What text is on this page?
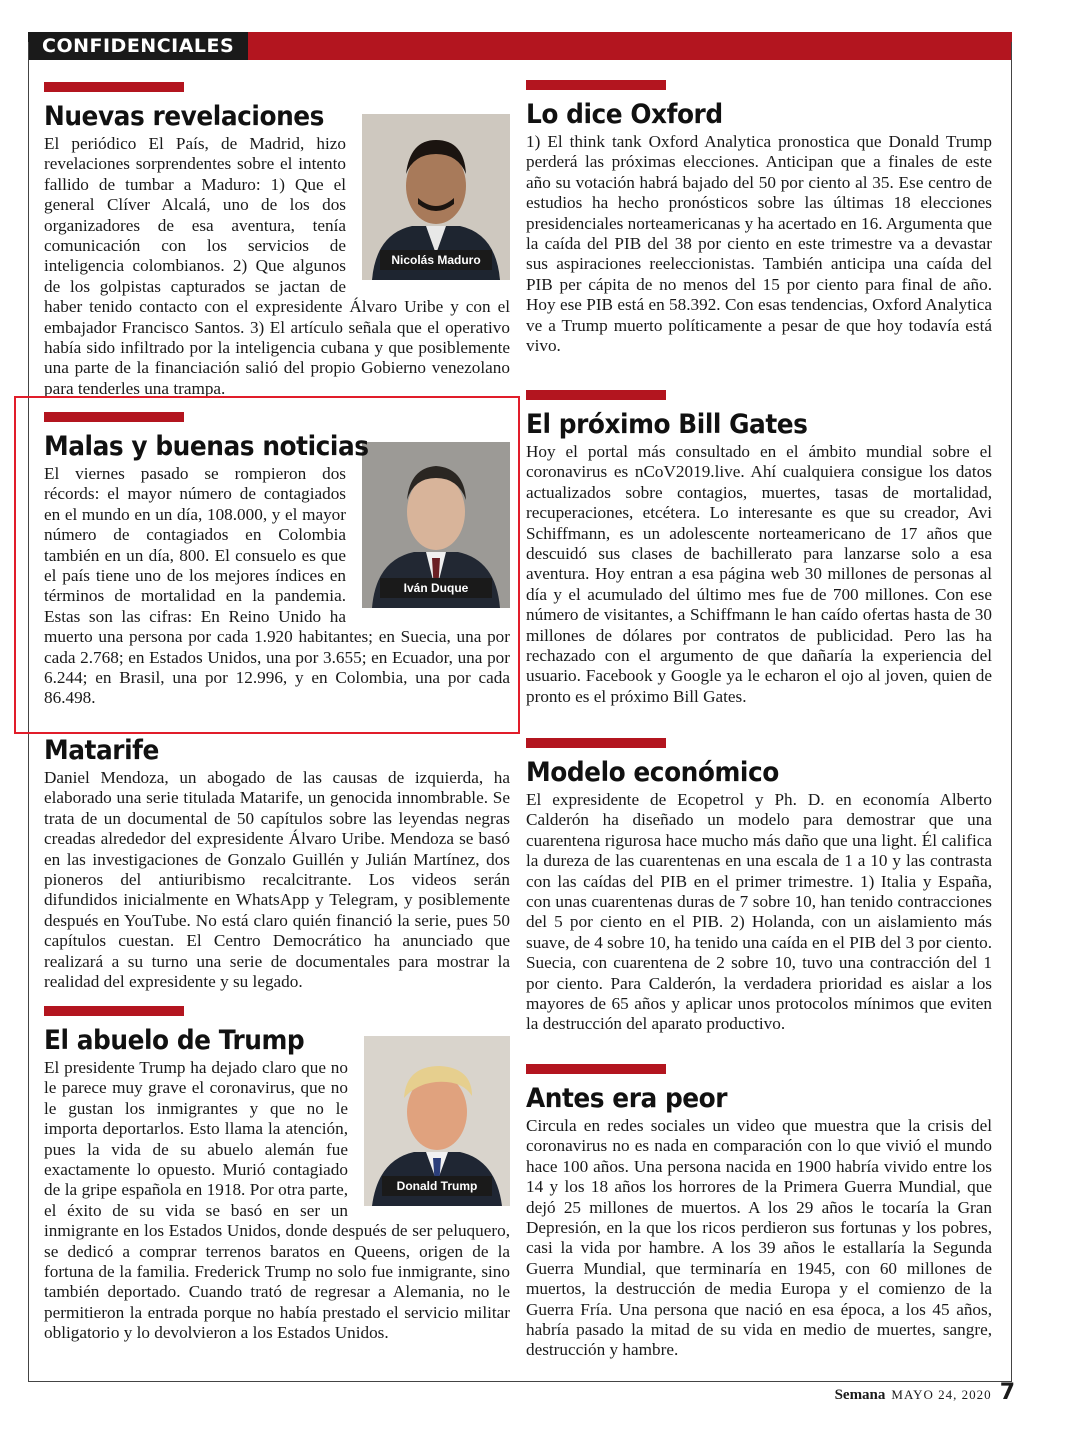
CONFIDENCIALES
Nicolás Maduro
Nuevas revelaciones

El periódico El País, de Madrid, hizo revelaciones sorprendentes sobre el intento fallido de tumbar a Maduro: 1) Que el general Clíver Alcalá, uno de los dos organizadores de esa aventura, tenía comunicación con los servicios de inteligencia colombianos. 2) Que algunos de los golpistas capturados se jactan de haber tenido contacto con el expresidente Álvaro Uribe y con el embajador Francisco Santos. 3) El artículo señala que el operativo había sido infiltrado por la inteligencia cubana y que posiblemente una parte de la financiación salió del propio Gobierno venezolano para tenderles una trampa.

Iván Duque
Malas y buenas noticias

El viernes pasado se rompieron dos récords: el mayor número de contagiados en el mundo en un día, 108.000, y el mayor número de contagiados en Colombia también en un día, 800. El consuelo es que el país tiene uno de los mejores índices en términos de mortalidad en la pandemia. Estas son las cifras: En Reino Unido ha muerto una persona por cada 1.920 habitantes; en Suecia, una por cada 2.768; en Estados Unidos, una por 3.655; en Ecuador, una por 6.244; en Brasil, una por 12.996, y en Colombia, una por cada 86.498.

Matarife

Daniel Mendoza, un abogado de las causas de izquierda, ha elaborado una serie titulada Matarife, un genocida innombrable. Se trata de un documental de 50 capítulos sobre las leyendas negras creadas alrededor del expresidente Álvaro Uribe. Mendoza se basó en las investigaciones de Gonzalo Guillén y Julián Martínez, dos pioneros del antiuribismo recalcitrante. Los videos serán difundidos inicialmente en WhatsApp y Telegram, y posiblemente después en YouTube. No está claro quién financió la serie, pues 50 capítulos cuestan. El Centro Democrático ha anunciado que realizará a su turno una serie de documentales para mostrar la realidad del expresidente y su legado.

Donald Trump
El abuelo de Trump

El presidente Trump ha dejado claro que no le parece muy grave el coronavirus, que no le gustan los inmigrantes y que no le importa deportarlos. Esto llama la atención, pues la vida de su abuelo alemán fue exactamente lo opuesto. Murió contagiado de la gripe española en 1918. Por otra parte, el éxito de su vida se basó en ser un inmigrante en los Estados Unidos, donde después de ser peluquero, se dedicó a comprar terrenos baratos en Queens, origen de la fortuna de la familia. Frederick Trump no solo fue inmigrante, sino también deportado. Cuando trató de regresar a Alemania, no le permitieron la entrada porque no había prestado el servicio militar obligatorio y lo devolvieron a los Estados Unidos.

Lo dice Oxford

1) El think tank Oxford Analytica pronostica que Donald Trump perderá las próximas elecciones. Anticipan que a finales de este año su votación habrá bajado del 50 por ciento al 35. Ese centro de estudios ha hecho pronósticos sobre las últimas 18 elecciones presidenciales norteamericanas y ha acertado en 16. Argumenta que la caída del PIB del 38 por ciento en este trimestre va a devastar sus aspiraciones reeleccionistas. También anticipa una caída del PIB per cápita de no menos del 15 por ciento para final de año. Hoy ese PIB está en 58.392. Con esas tendencias, Oxford Analytica ve a Trump muerto políticamente a pesar de que hoy todavía está vivo.

El próximo Bill Gates

Hoy el portal más consultado en el ámbito mundial sobre el coronavirus es nCoV2019.live. Ahí cualquiera consigue los datos actualizados sobre contagios, muertes, tasas de mortalidad, recuperaciones, etcétera. Lo interesante es que su creador, Avi Schiffmann, es un adolescente norteamericano de 17 años que descuidó sus clases de bachillerato para lanzarse solo a esa aventura. Hoy entran a esa página web 30 millones de personas al día y el acumulado del último mes fue de 700 millones. Con ese número de visitantes, a Schiffmann le han caído ofertas hasta de 30 millones de dólares por contratos de publicidad. Pero las ha rechazado con el argumento de que dañaría la experiencia del usuario. Facebook y Google ya le echaron el ojo al joven, quien de pronto es el próximo Bill Gates.

Modelo económico

El expresidente de Ecopetrol y Ph. D. en economía Alberto Calderón ha diseñado un modelo para demostrar que una cuarentena rigurosa hace mucho más daño que una light. Él califica la dureza de las cuarentenas en una escala de 1 a 10 y las contrasta con las caídas del PIB en el primer trimestre. 1) Italia y España, con unas cuarentenas duras de 7 sobre 10, han tenido contracciones del 5 por ciento en el PIB. 2) Holanda, con un aislamiento más suave, de 4 sobre 10, ha tenido una caída en el PIB del 3 por ciento. Suecia, con cuarentena de 2 sobre 10, tuvo una contracción del 1 por ciento. Para Calderón, la verdadera prioridad es aislar a los mayores de 65 años y aplicar unos protocolos mínimos que eviten la destrucción del aparato productivo.

Antes era peor

Circula en redes sociales un video que muestra que la crisis del coronavirus no es nada en comparación con lo que vivió el mundo hace 100 años. Una persona nacida en 1900 habría vivido entre los 14 y los 18 años los horrores de la Primera Guerra Mundial, que dejó 25 millones de muertos. A los 29 años le tocaría la Gran Depresión, en la que los ricos perdieron sus fortunas y los pobres, casi la vida por hambre. A los 39 años le estallaría la Segunda Guerra Mundial, que terminaría en 1945, con 60 millones de muertos, la destrucción de media Europa y el comienzo de la Guerra Fría. Una persona que nació en esa época, a los 45 años, habría pasado la mitad de su vida en medio de muertes, sangre, destrucción y hambre.

Semana MAYO 24, 2020 7
